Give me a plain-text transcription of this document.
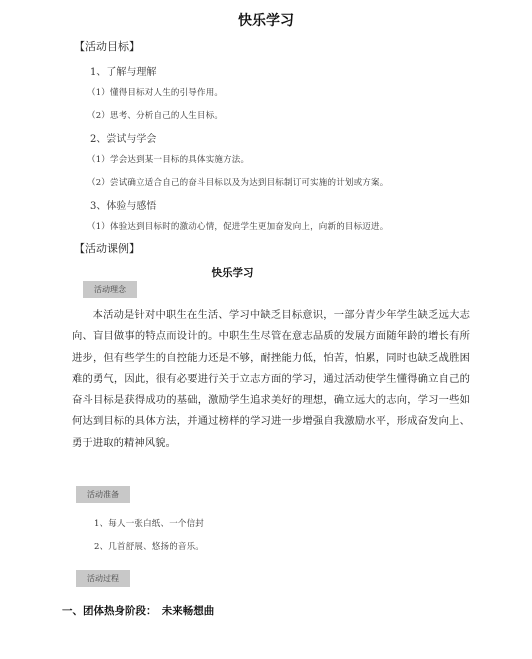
快乐学习
【活动目标】
1、了解与理解
（1）懂得目标对人生的引导作用。
（2）思考、分析自己的人生目标。
2、尝试与学会
（1）学会达到某一目标的具体实施方法。
（2）尝试确立适合自己的奋斗目标以及为达到目标制订可实施的计划或方案。
3、体验与感悟
（1）体验达到目标时的激动心情，促进学生更加奋发向上，向新的目标迈进。
【活动课例】
快乐学习
活动理念
本活动是针对中职生在生活、学习中缺乏目标意识，一部分青少年学生缺乏远大志向、盲目做事的特点而设计的。中职生生尽管在意志品质的发展方面随年龄的增长有所进步，但有些学生的自控能力还是不够，耐挫能力低，怕苦，怕累，同时也缺乏战胜困难的勇气，因此，很有必要进行关于立志方面的学习，通过活动使学生懂得确立自己的奋斗目标是获得成功的基础，激励学生追求美好的理想，确立远大的志向，学习一些如何达到目标的具体方法，并通过榜样的学习进一步增强自我激励水平，形成奋发向上、勇于进取的精神风貌。
活动准备
1、每人一张白纸、一个信封
2、几首舒展、悠扬的音乐。
活动过程
一、团体热身阶段：　未来畅想曲
